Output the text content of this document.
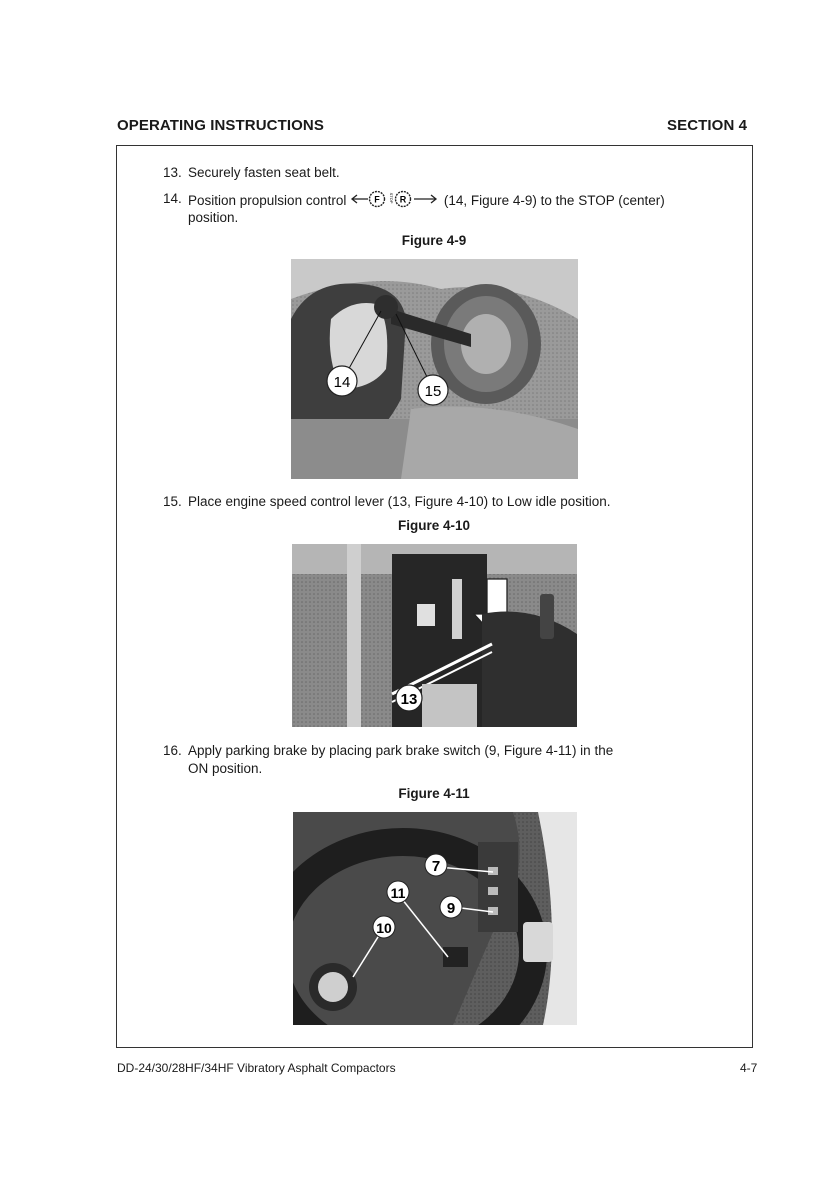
OPERATING INSTRUCTIONS	SECTION 4
13. Securely fasten seat belt.
14. Position propulsion control	F STOP R	(14, Figure 4-9) to the STOP (center)
position.
Figure 4-9
14
15
15. Place engine speed control lever (13, Figure 4-10) to Low idle position.
Figure 4-10
13
16. Apply parking brake by placing park brake switch (9, Figure 4-11) in the
ON position.
Figure 4-11
7
11
9
10
DD-24/30/28HF/34HF Vibratory Asphalt Compactors	4-7
